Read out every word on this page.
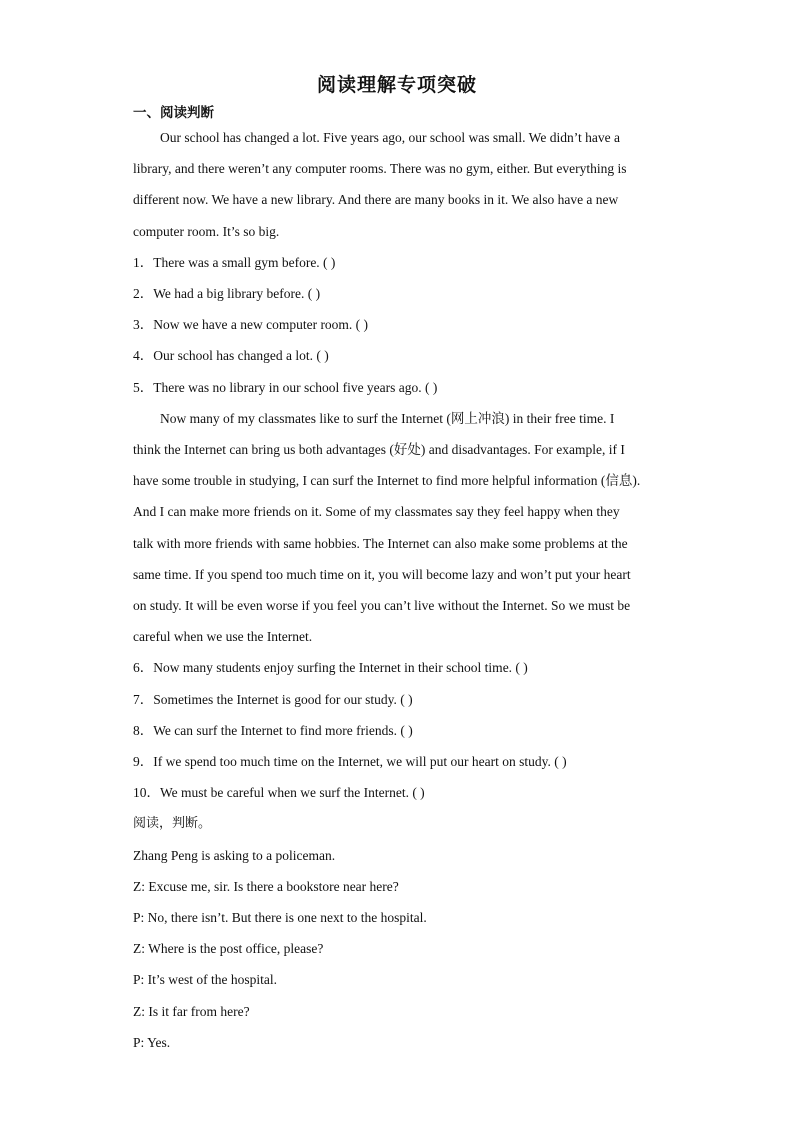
阅读理解专项突破
一、阅读判断
Our school has changed a lot. Five years ago, our school was small. We didn’t have a
library, and there weren’t any computer rooms. There was no gym, either. But everything is
different now. We have a new library. And there are many books in it. We also have a new
computer room. It’s so big.
1．There was a small gym before. ( )
2．We had a big library before. ( )
3．Now we have a new computer room. ( )
4．Our school has changed a lot. ( )
5．There was no library in our school five years ago. ( )
Now many of my classmates like to surf the Internet (网上冲浪) in their free time. I
think the Internet can bring us both advantages (好处) and disadvantages. For example, if I
have some trouble in studying, I can surf the Internet to find more helpful information (信息).
And I can make more friends on it. Some of my classmates say they feel happy when they
talk with more friends with same hobbies. The Internet can also make some problems at the
same time. If you spend too much time on it, you will become lazy and won’t put your heart
on study. It will be even worse if you feel you can’t live without the Internet. So we must be
careful when we use the Internet.
6．Now many students enjoy surfing the Internet in their school time. ( )
7．Sometimes the Internet is good for our study. ( )
8．We can surf the Internet to find more friends. ( )
9．If we spend too much time on the Internet, we will put our heart on study. ( )
10．We must be careful when we surf the Internet. ( )
阅读，判断。
Zhang Peng is asking to a policeman.
Z: Excuse me, sir. Is there a bookstore near here?
P: No, there isn’t. But there is one next to the hospital.
Z: Where is the post office, please?
P: It’s west of the hospital.
Z: Is it far from here?
P: Yes.
